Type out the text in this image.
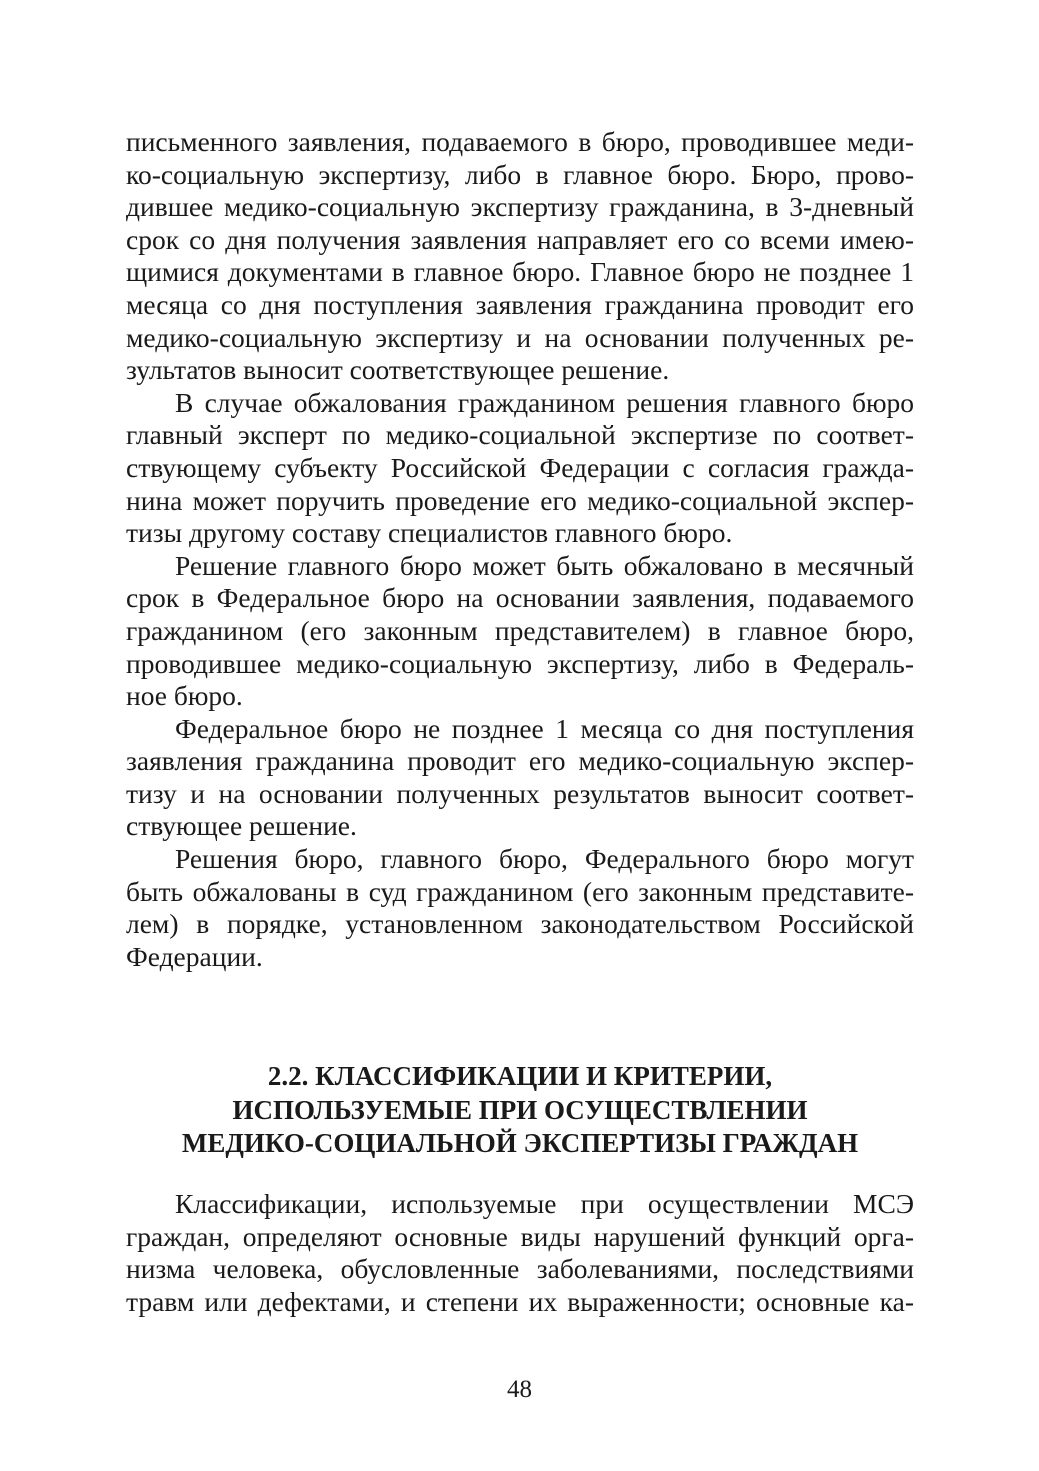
письменного заявления, подаваемого в бюро, проводившее меди-
ко-социальную экспертизу, либо в главное бюро. Бюро, прово-
дившее медико-социальную экспертизу гражданина, в 3-дневный
срок со дня получения заявления направляет его со всеми имею-
щимися документами в главное бюро. Главное бюро не позднее 1
месяца со дня поступления заявления гражданина проводит его
медико-социальную экспертизу и на основании полученных ре-
зультатов выносит соответствующее решение.
В случае обжалования гражданином решения главного бюро
главный эксперт по медико-социальной экспертизе по соответ-
ствующему субъекту Российской Федерации с согласия гражда-
нина может поручить проведение его медико-социальной экспер-
тизы другому составу специалистов главного бюро.
Решение главного бюро может быть обжаловано в месячный
срок в Федеральное бюро на основании заявления, подаваемого
гражданином (его законным представителем) в главное бюро,
проводившее медико-социальную экспертизу, либо в Федераль-
ное бюро.
Федеральное бюро не позднее 1 месяца со дня поступления
заявления гражданина проводит его медико-социальную экспер-
тизу и на основании полученных результатов выносит соответ-
ствующее решение.
Решения бюро, главного бюро, Федерального бюро могут
быть обжалованы в суд гражданином (его законным представите-
лем) в порядке, установленном законодательством Российской
Федерации.
2.2. КЛАССИФИКАЦИИ И КРИТЕРИИ,
ИСПОЛЬЗУЕМЫЕ ПРИ ОСУЩЕСТВЛЕНИИ
МЕДИКО-СОЦИАЛЬНОЙ ЭКСПЕРТИЗЫ ГРАЖДАН
Классификации, используемые при осуществлении МСЭ
граждан, определяют основные виды нарушений функций орга-
низма человека, обусловленные заболеваниями, последствиями
травм или дефектами, и степени их выраженности; основные ка-
48
